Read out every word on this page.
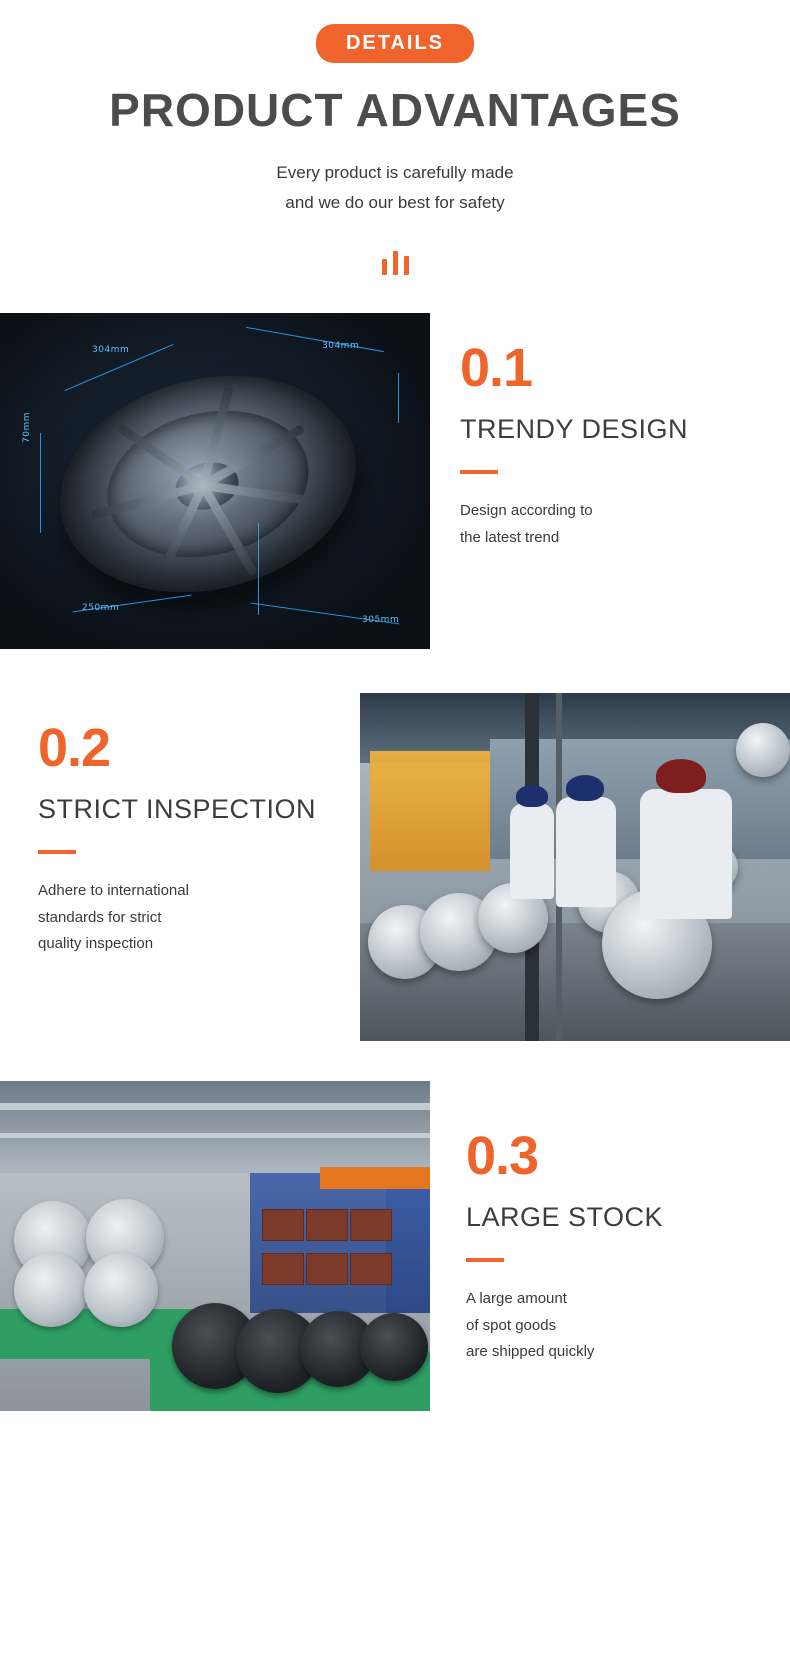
DETAILS
PRODUCT ADVANTAGES
Every product is carefully made
and we do our best for safety
304mm	304mm
70mm
250mm
305mm
0.1
TRENDY DESIGN
Design according to
the latest trend
0.2
STRICT INSPECTION
Adhere to international
standards for strict
quality inspection
0.3
LARGE STOCK
A large amount
of spot goods
are shipped quickly
